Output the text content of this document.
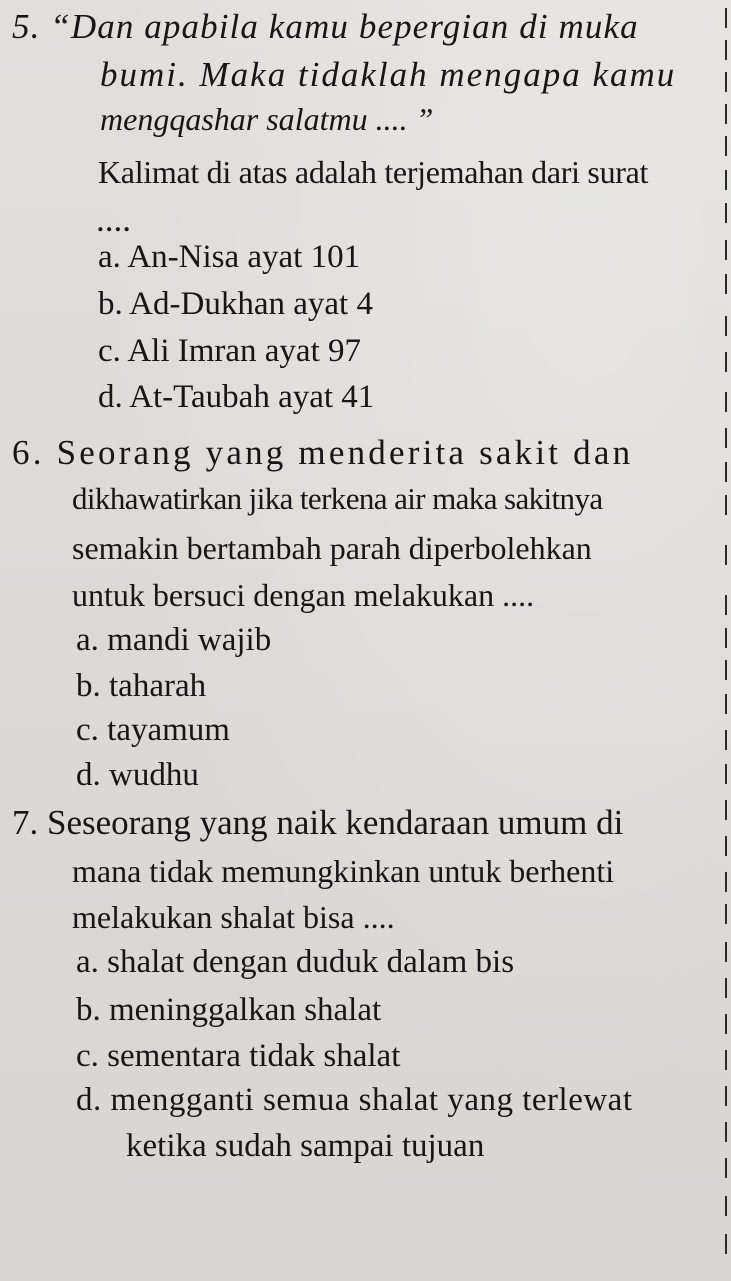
5. “Dan apabila kamu bepergian di muka
bumi. Maka tidaklah mengapa kamu
mengqashar salatmu .... ”
Kalimat di atas adalah terjemahan dari surat
....
a. An-Nisa ayat 101
b. Ad-Dukhan ayat 4
c. Ali Imran ayat 97
d. At-Taubah ayat 41
6. Seorang yang menderita sakit dan
dikhawatirkan jika terkena air maka sakitnya
semakin bertambah parah diperbolehkan
untuk bersuci dengan melakukan ....
a. mandi wajib
b. taharah
c. tayamum
d. wudhu
7. Seseorang yang naik kendaraan umum di
mana tidak memungkinkan untuk berhenti
melakukan shalat bisa ....
a. shalat dengan duduk dalam bis
b. meninggalkan shalat
c. sementara tidak shalat
d. mengganti semua shalat yang terlewat
ketika sudah sampai tujuan
